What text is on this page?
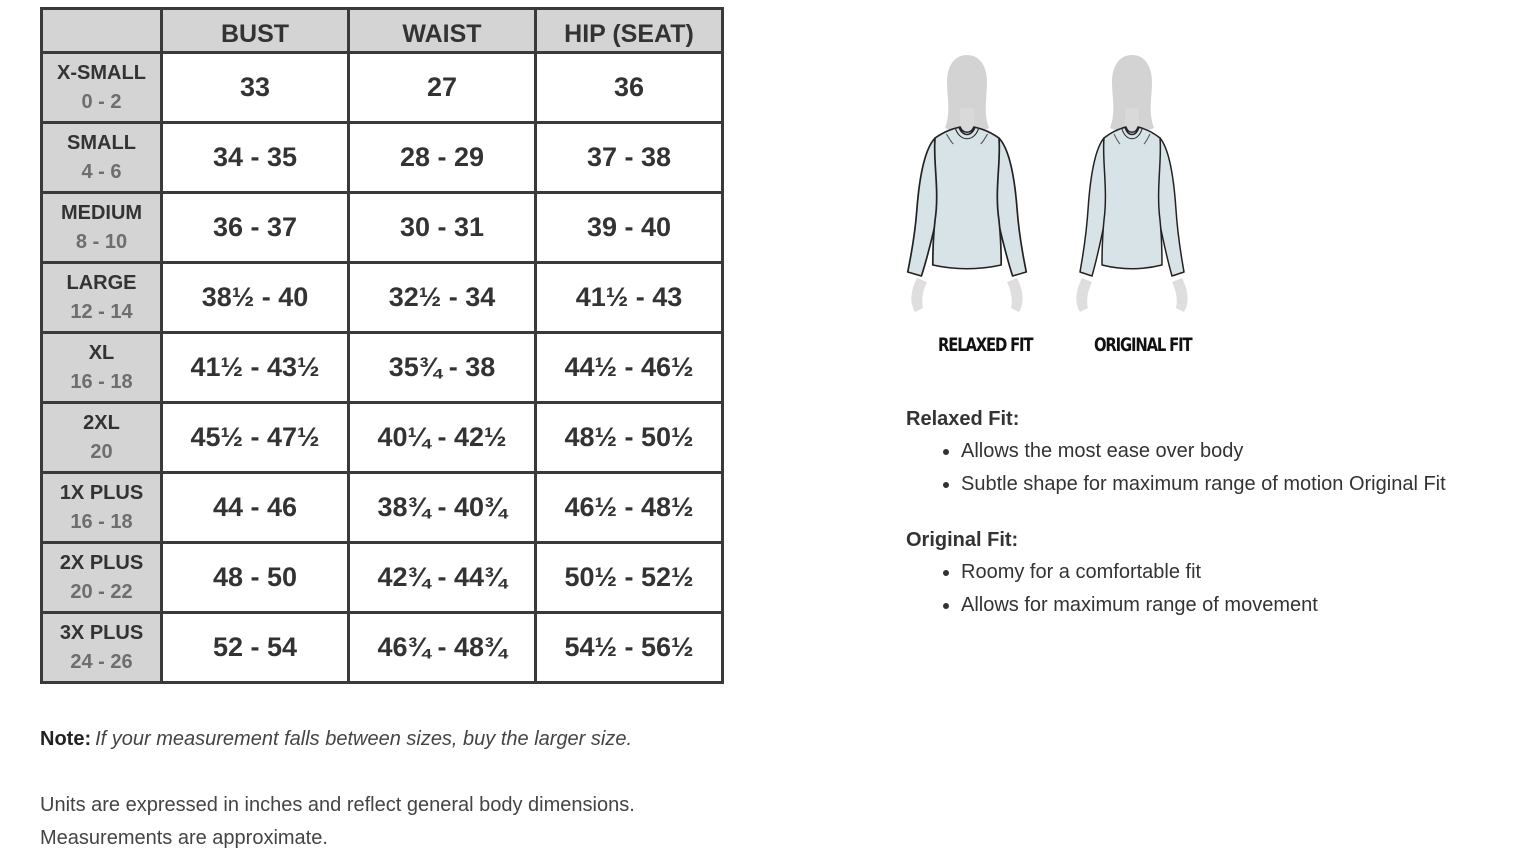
	BUST	WAIST	HIP (SEAT)

X-SMALL
0 - 2	33	27	36

SMALL
4 - 6	34 - 35	28 - 29	37 - 38

MEDIUM
8 - 10	36 - 37	30 - 31	39 - 40

LARGE
12 - 14	38½ - 40	32½ - 34	41½ - 43

XL
16 - 18	41½ - 43½	35¾ - 38	44½ - 46½

2XL
20	45½ - 47½	40¼ - 42½	48½ - 50½

1X PLUS
16 - 18	44 - 46	38¾ - 40¾	46½ - 48½

2X PLUS
20 - 22	48 - 50	42¾ - 44¾	50½ - 52½

3X PLUS
24 - 26	52 - 54	46¾ - 48¾	54½ - 56½

Note: If your measurement falls between sizes, buy the larger size.

Units are expressed in inches and reflect general body dimensions.
Measurements are approximate.

RELAXED FIT	ORIGINAL FIT
Relaxed Fit:
• Allows the most ease over body
• Subtle shape for maximum range of motion Original Fit
Original Fit:
• Roomy for a comfortable fit
• Allows for maximum range of movement
